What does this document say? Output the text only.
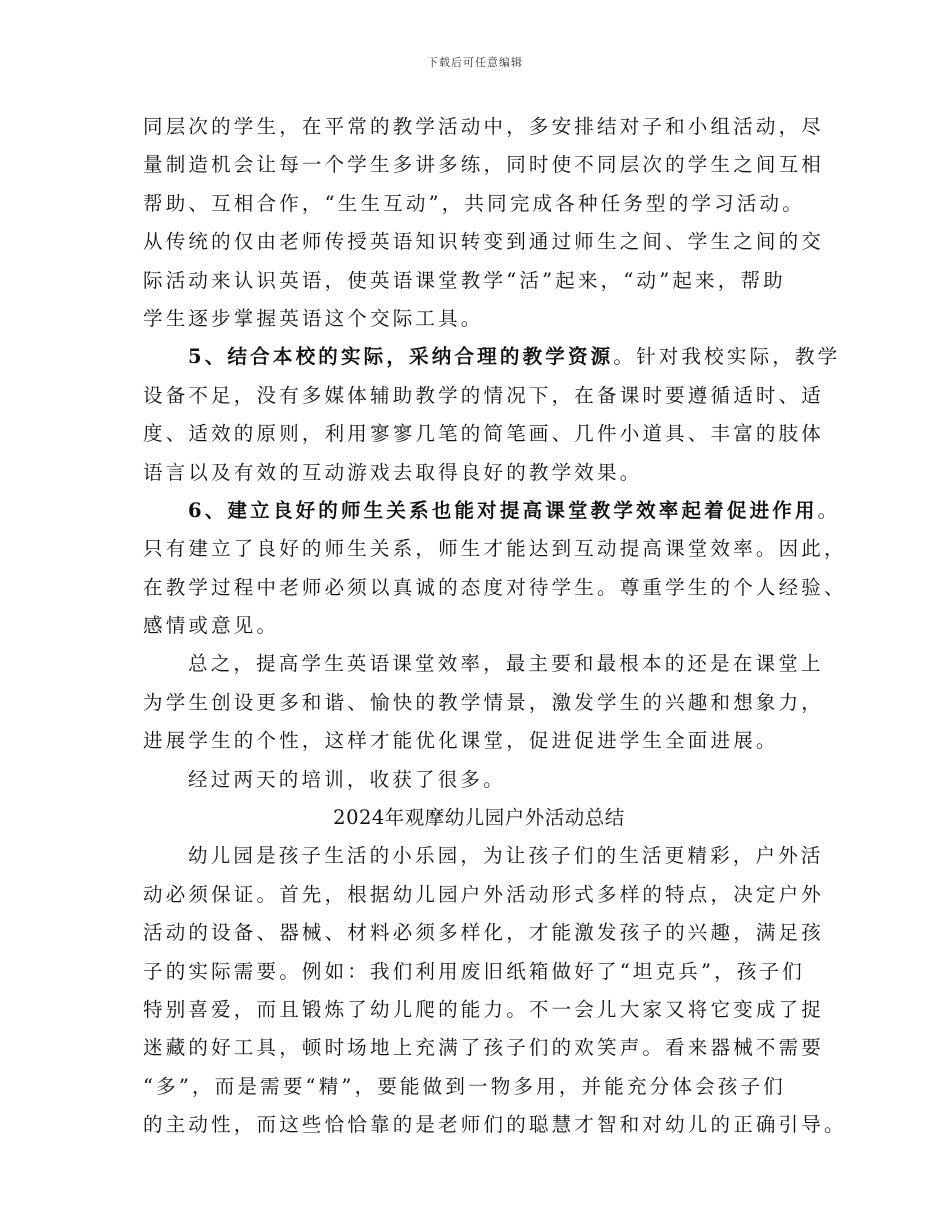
下载后可任意编辑
同层次的学生，在平常的教学活动中，多安排结对子和小组活动，尽
量制造机会让每一个学生多讲多练，同时使不同层次的学生之间互相
帮助、互相合作，“生生互动”，共同完成各种任务型的学习活动。
从传统的仅由老师传授英语知识转变到通过师生之间、学生之间的交
际活动来认识英语，使英语课堂教学“活”起来，“动”起来，帮助
学生逐步掌握英语这个交际工具。
5、结合本校的实际，采纳合理的教学资源。针对我校实际，教学
设备不足，没有多媒体辅助教学的情况下，在备课时要遵循适时、适
度、适效的原则，利用寥寥几笔的简笔画、几件小道具、丰富的肢体
语言以及有效的互动游戏去取得良好的教学效果。
6、建立良好的师生关系也能对提高课堂教学效率起着促进作用。
只有建立了良好的师生关系，师生才能达到互动提高课堂效率。因此，
在教学过程中老师必须以真诚的态度对待学生。尊重学生的个人经验、
感情或意见。
总之，提高学生英语课堂效率，最主要和最根本的还是在课堂上
为学生创设更多和谐、愉快的教学情景，激发学生的兴趣和想象力，
进展学生的个性，这样才能优化课堂，促进促进学生全面进展。
经过两天的培训，收获了很多。
2024年观摩幼儿园户外活动总结
幼儿园是孩子生活的小乐园，为让孩子们的生活更精彩，户外活
动必须保证。首先，根据幼儿园户外活动形式多样的特点，决定户外
活动的设备、器械、材料必须多样化，才能激发孩子的兴趣，满足孩
子的实际需要。例如：我们利用废旧纸箱做好了“坦克兵”，孩子们
特别喜爱，而且锻炼了幼儿爬的能力。不一会儿大家又将它变成了捉
迷藏的好工具，顿时场地上充满了孩子们的欢笑声。看来器械不需要
“多”，而是需要“精”，要能做到一物多用，并能充分体会孩子们
的主动性，而这些恰恰靠的是老师们的聪慧才智和对幼儿的正确引导。
